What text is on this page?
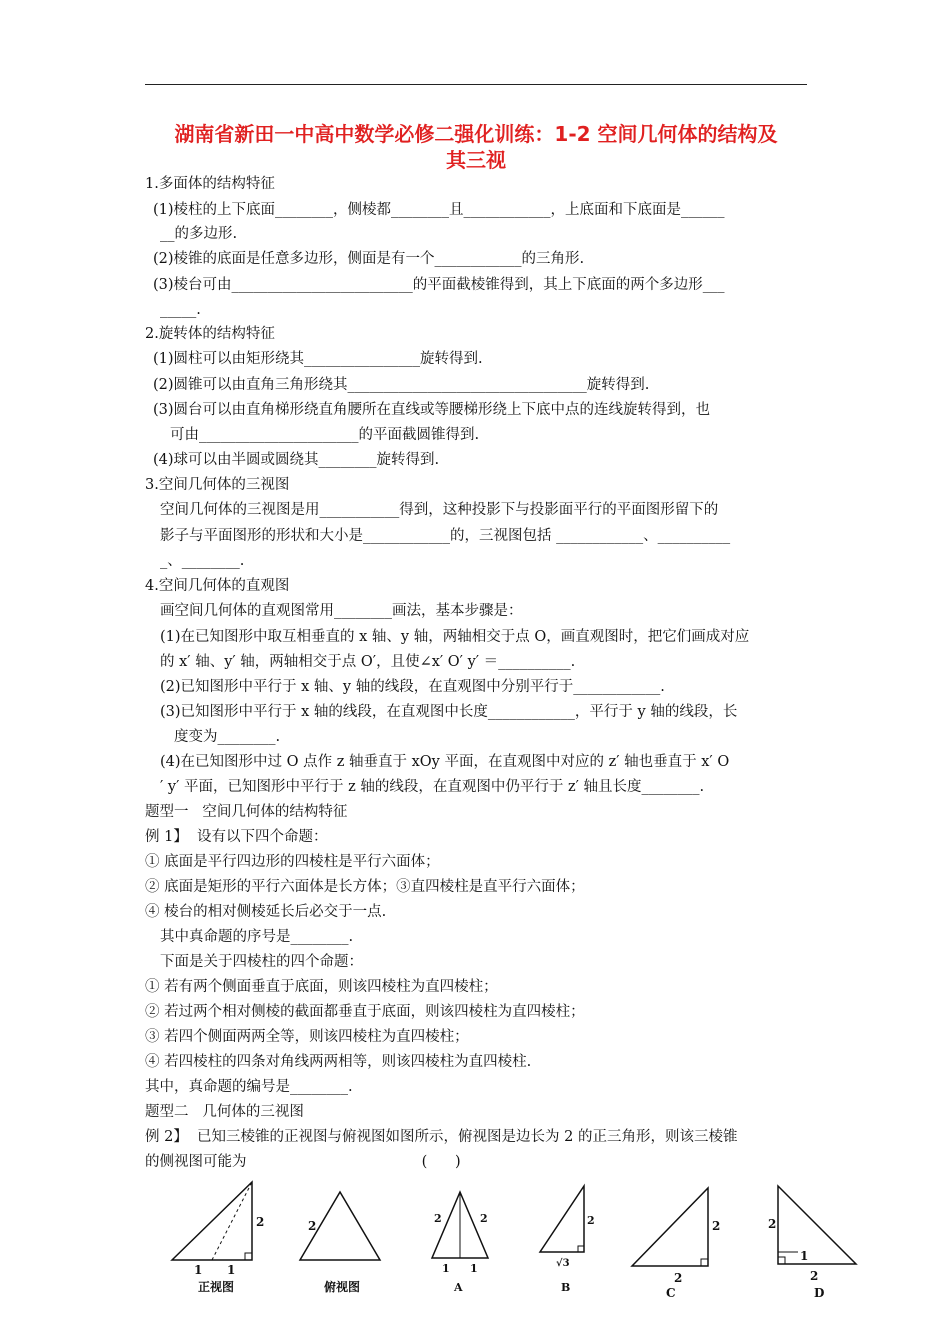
湖南省新田一中高中数学必修二强化训练：1-2 空间几何体的结构及
其三视
1.多面体的结构特征
(1)棱柱的上下底面________，侧棱都________且____________，上底面和下底面是______
__的多边形.
(2)棱锥的底面是任意多边形，侧面是有一个____________的三角形.
(3)棱台可由_________________________的平面截棱锥得到，其上下底面的两个多边形___
_____.
2.旋转体的结构特征
(1)圆柱可以由矩形绕其________________旋转得到.
(2)圆锥可以由直角三角形绕其_________________________________旋转得到.
(3)圆台可以由直角梯形绕直角腰所在直线或等腰梯形绕上下底中点的连线旋转得到，也
可由______________________的平面截圆锥得到.
(4)球可以由半圆或圆绕其________旋转得到.
3.空间几何体的三视图
空间几何体的三视图是用___________得到，这种投影下与投影面平行的平面图形留下的
影子与平面图形的形状和大小是____________的，三视图包括 ____________、__________
_、________.
4.空间几何体的直观图
画空间几何体的直观图常用________画法，基本步骤是：
(1)在已知图形中取互相垂直的 x 轴、y 轴，两轴相交于点 O，画直观图时，把它们画成对应
的 x′ 轴、y′ 轴，两轴相交于点 O′，且使∠x′ O′ y′ ＝__________.
(2)已知图形中平行于 x 轴、y 轴的线段，在直观图中分别平行于____________.
(3)已知图形中平行于 x 轴的线段，在直观图中长度____________，平行于 y 轴的线段，长
度变为________.
(4)在已知图形中过 O 点作 z 轴垂直于 xOy 平面，在直观图中对应的 z′ 轴也垂直于 x′ O
′ y′ 平面，已知图形中平行于 z 轴的线段，在直观图中仍平行于 z′ 轴且长度________.
题型一   空间几何体的结构特征
例 1】  设有以下四个命题：
① 底面是平行四边形的四棱柱是平行六面体；
② 底面是矩形的平行六面体是长方体；③直四棱柱是直平行六面体；
④ 棱台的相对侧棱延长后必交于一点.
其中真命题的序号是________.
下面是关于四棱柱的四个命题：
① 若有两个侧面垂直于底面，则该四棱柱为直四棱柱；
② 若过两个相对侧棱的截面都垂直于底面，则该四棱柱为直四棱柱；
③ 若四个侧面两两全等，则该四棱柱为直四棱柱；
④ 若四棱柱的四条对角线两两相等，则该四棱柱为直四棱柱.
其中，真命题的编号是________.
题型二   几何体的三视图
例 2】  已知三棱锥的正视图与俯视图如图所示，俯视图是边长为 2 的正三角形，则该三棱锥
的侧视图可能为                                      (      )
2
1 1
正视图
2
俯视图
2	2
1 1
A
2
√3
B
2
2
C
2
1
2
D
